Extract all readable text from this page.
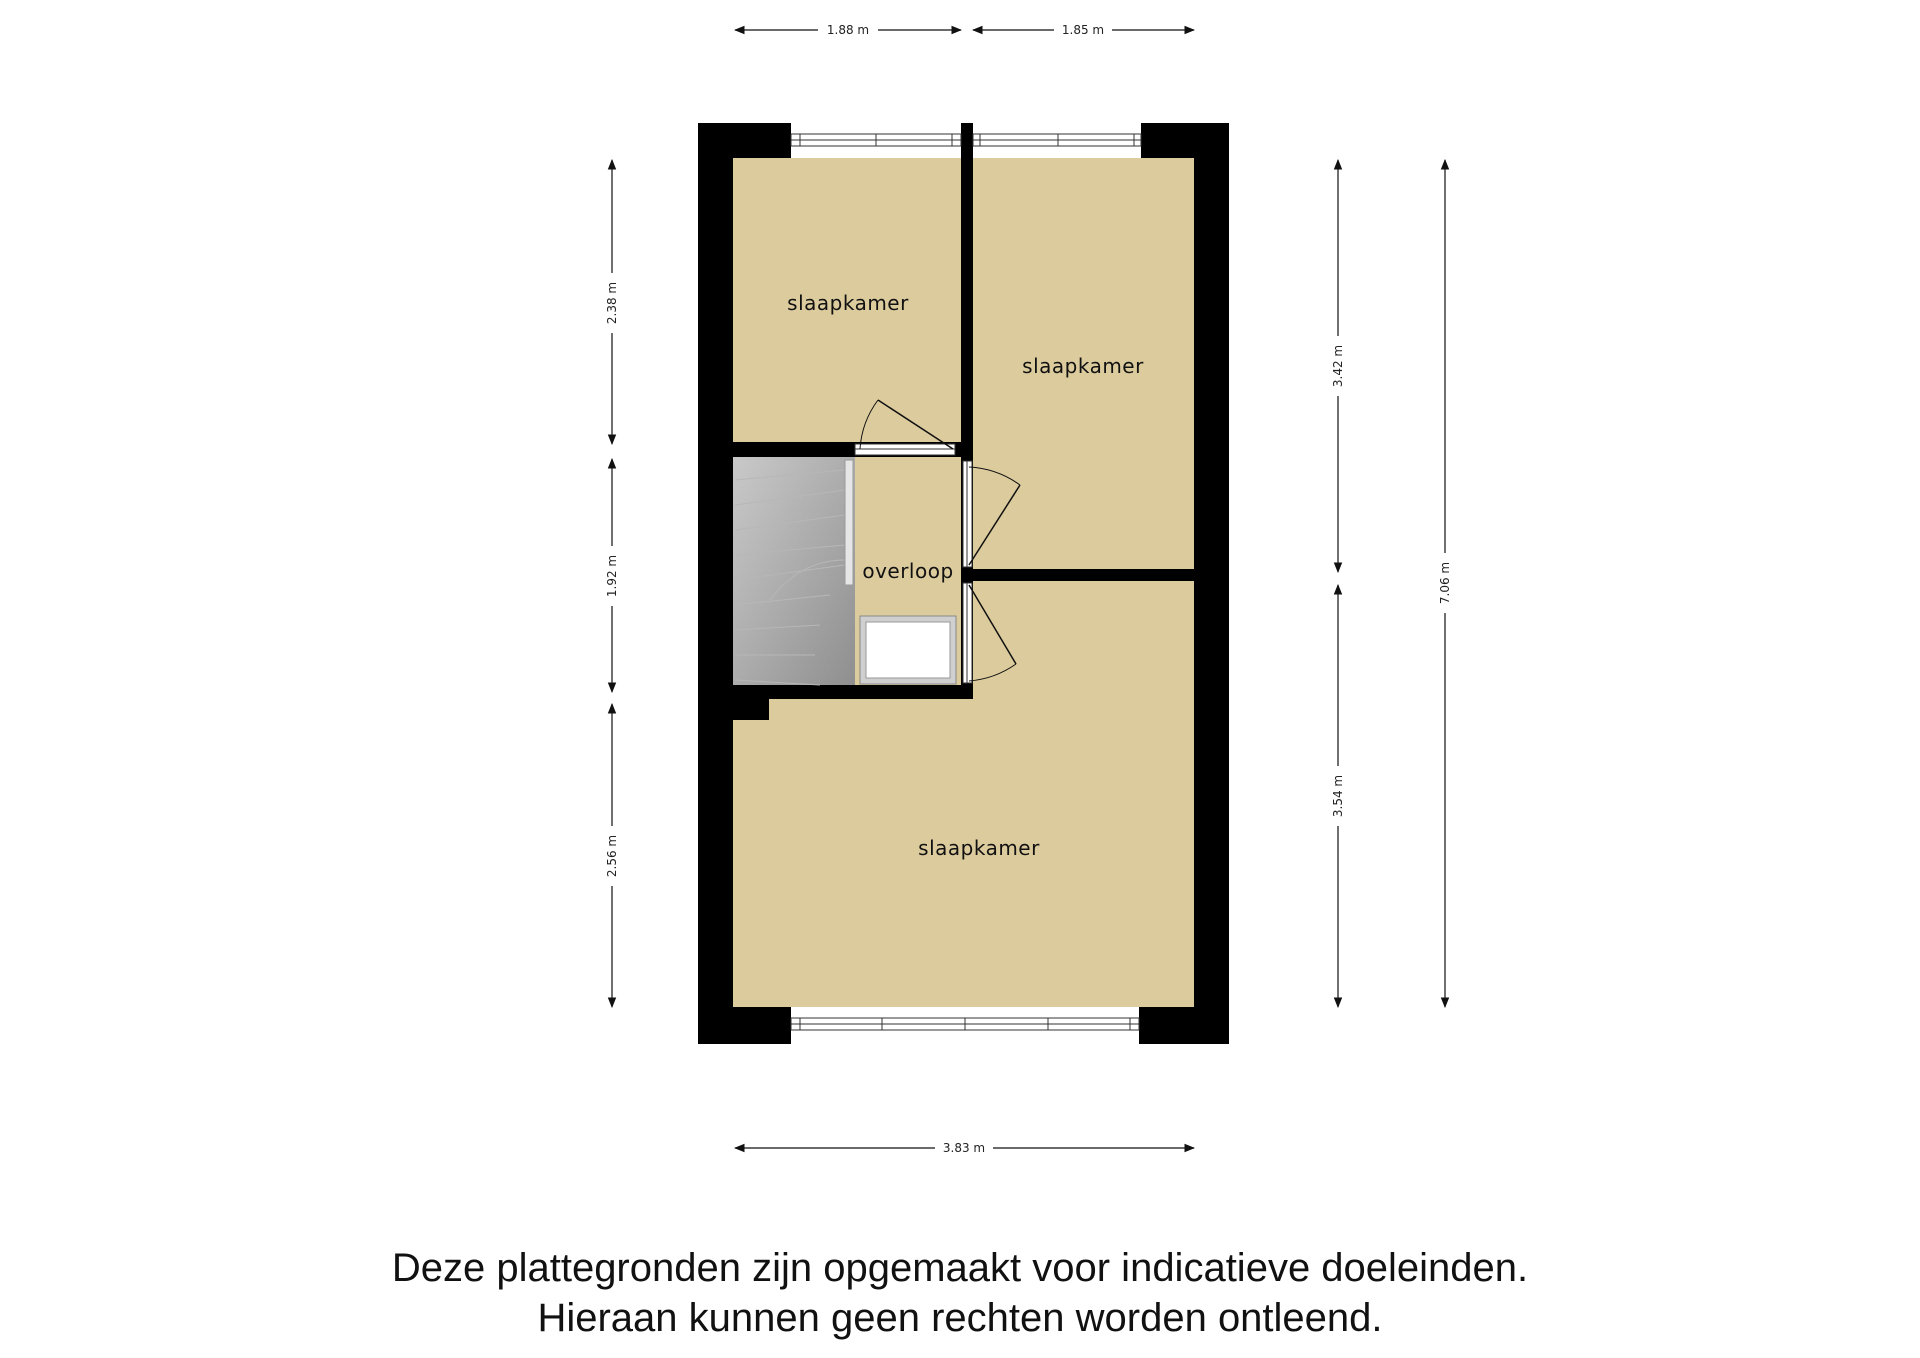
slaapkamer
slaapkamer
overloop
slaapkamer
1.88 m	1.85 m
3.83 m
2.38 m
1.92 m
2.56 m
3.42 m
3.54 m
7.06 m
Deze plattegronden zijn opgemaakt voor indicatieve doeleinden.
Hieraan kunnen geen rechten worden ontleend.
